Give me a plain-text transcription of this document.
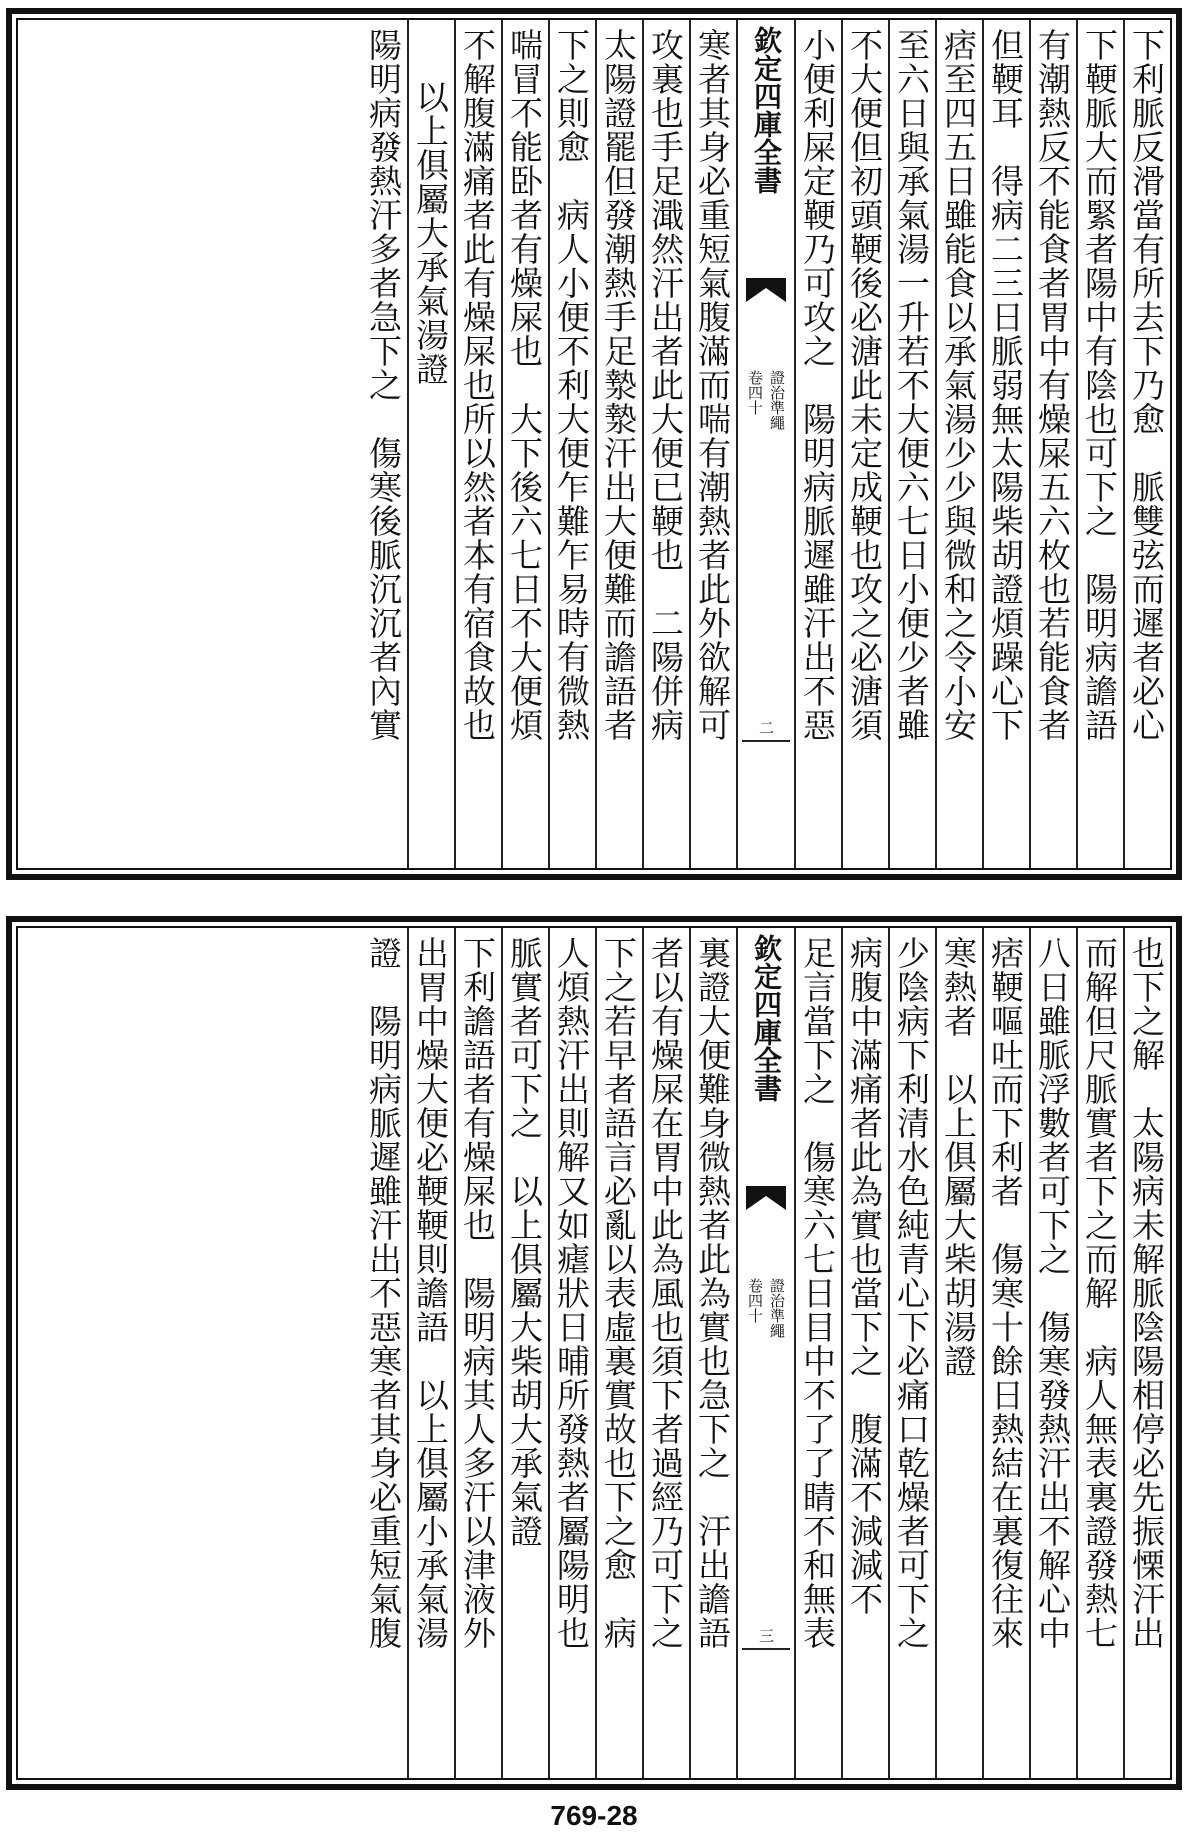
下利脈反滑當有所去下乃愈　脈雙弦而遲者必心
下鞕脈大而緊者陽中有陰也可下之　陽明病譫語
有潮熱反不能食者胃中有燥屎五六枚也若能食者
但鞕耳　得病二三日脈弱無太陽柴胡證煩躁心下
痞至四五日雖能食以承氣湯少少與微和之令小安
至六日與承氣湯一升若不大便六七日小便少者雖
不大便但初頭鞕後必溏此未定成鞕也攻之必溏須
小便利屎定鞕乃可攻之　陽明病脈遲雖汗出不惡
欽定四庫全書
證治準繩
卷四十
二
寒者其身必重短氣腹滿而喘有潮熱者此外欲解可
攻裏也手足濈然汗出者此大便已鞕也　二陽併病
太陽證罷但發潮熱手足漐漐汗出大便難而譫語者
下之則愈　病人小便不利大便乍難乍易時有微熱
喘冒不能卧者有燥屎也　大下後六七日不大便煩
不解腹滿痛者此有燥屎也所以然者本有宿食故也
以上俱屬大承氣湯證
陽明病發熱汗多者急下之　傷寒後脈沉沉者內實
也下之解　太陽病未解脈陰陽相停必先振慄汗出
而解但尺脈實者下之而解　病人無表裏證發熱七
八日雖脈浮數者可下之　傷寒發熱汗出不解心中
痞鞕嘔吐而下利者　傷寒十餘日熱結在裏復往來
寒熱者　以上俱屬大柴胡湯證
少陰病下利清水色純青心下必痛口乾燥者可下之
病腹中滿痛者此為實也當下之　腹滿不減減不
足言當下之　傷寒六七日目中不了了睛不和無表
欽定四庫全書
證治準繩
卷四十
三
裏證大便難身微熱者此為實也急下之　汗出譫語
者以有燥屎在胃中此為風也須下者過經乃可下之
下之若早者語言必亂以表虛裏實故也下之愈　病
人煩熱汗出則解又如瘧狀日晡所發熱者屬陽明也
脈實者可下之　以上俱屬大柴胡大承氣證
下利譫語者有燥屎也　陽明病其人多汗以津液外
出胃中燥大便必鞕鞕則譫語　以上俱屬小承氣湯
證　陽明病脈遲雖汗出不惡寒者其身必重短氣腹
769-28
